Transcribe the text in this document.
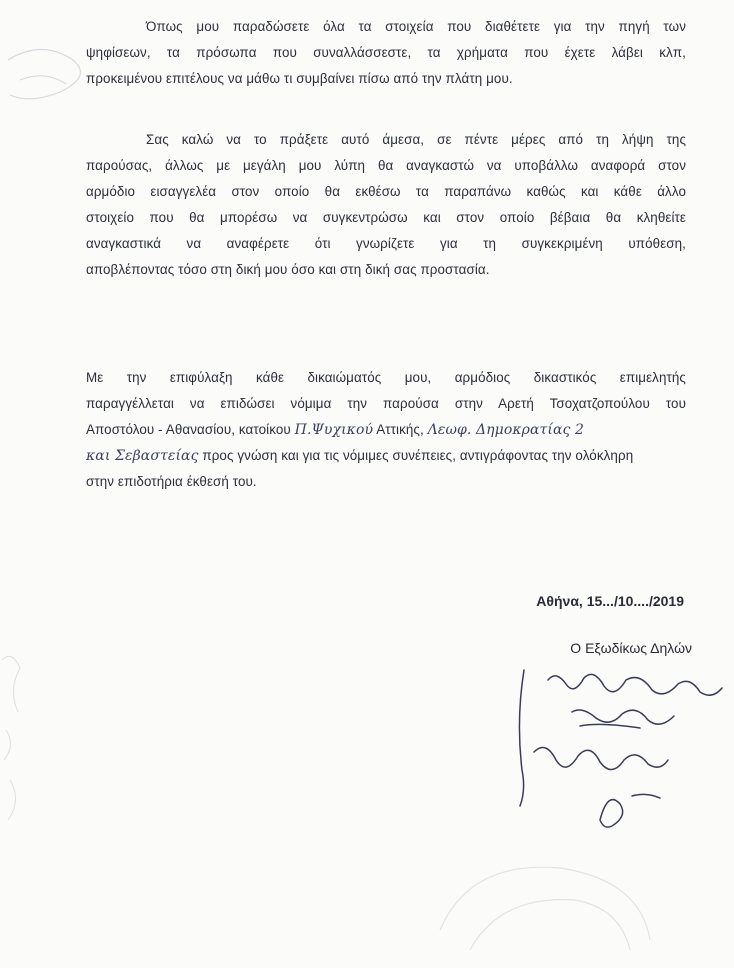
Όπως μου παραδώσετε όλα τα στοιχεία που διαθέτετε για την πηγή των
ψηφίσεων, τα πρόσωπα που συναλλάσσεστε, τα χρήματα που έχετε λάβει κλπ,
προκειμένου επιτέλους να μάθω τι συμβαίνει πίσω από την πλάτη μου.
Σας καλώ να το πράξετε αυτό άμεσα, σε πέντε μέρες από τη λήψη της
παρούσας, άλλως με μεγάλη μου λύπη θα αναγκαστώ να υποβάλλω αναφορά στον
αρμόδιο εισαγγελέα στον οποίο θα εκθέσω τα παραπάνω καθώς και κάθε άλλο
στοιχείο που θα μπορέσω να συγκεντρώσω και στον οποίο βέβαια θα κληθείτε
αναγκαστικά να αναφέρετε ότι γνωρίζετε για τη συγκεκριμένη υπόθεση,
αποβλέποντας τόσο στη δική μου όσο και στη δική σας προστασία.
Με την επιφύλαξη κάθε δικαιώματός μου, αρμόδιος δικαστικός επιμελητής
παραγγέλλεται να επιδώσει νόμιμα την παρούσα στην Αρετή Τσοχατζοπούλου του
Αποστόλου - Αθανασίου, κατοίκου Π.Ψυχικού Αττικής, Λεωφ. Δημοκρατίας 2
και Σεβαστείας προς γνώση και για τις νόμιμες συνέπειες, αντιγράφοντας την ολόκληρη
στην επιδοτήρια έκθεσή του.
Αθήνα, 15.../10..../2019
Ο Εξωδίκως Δηλών
